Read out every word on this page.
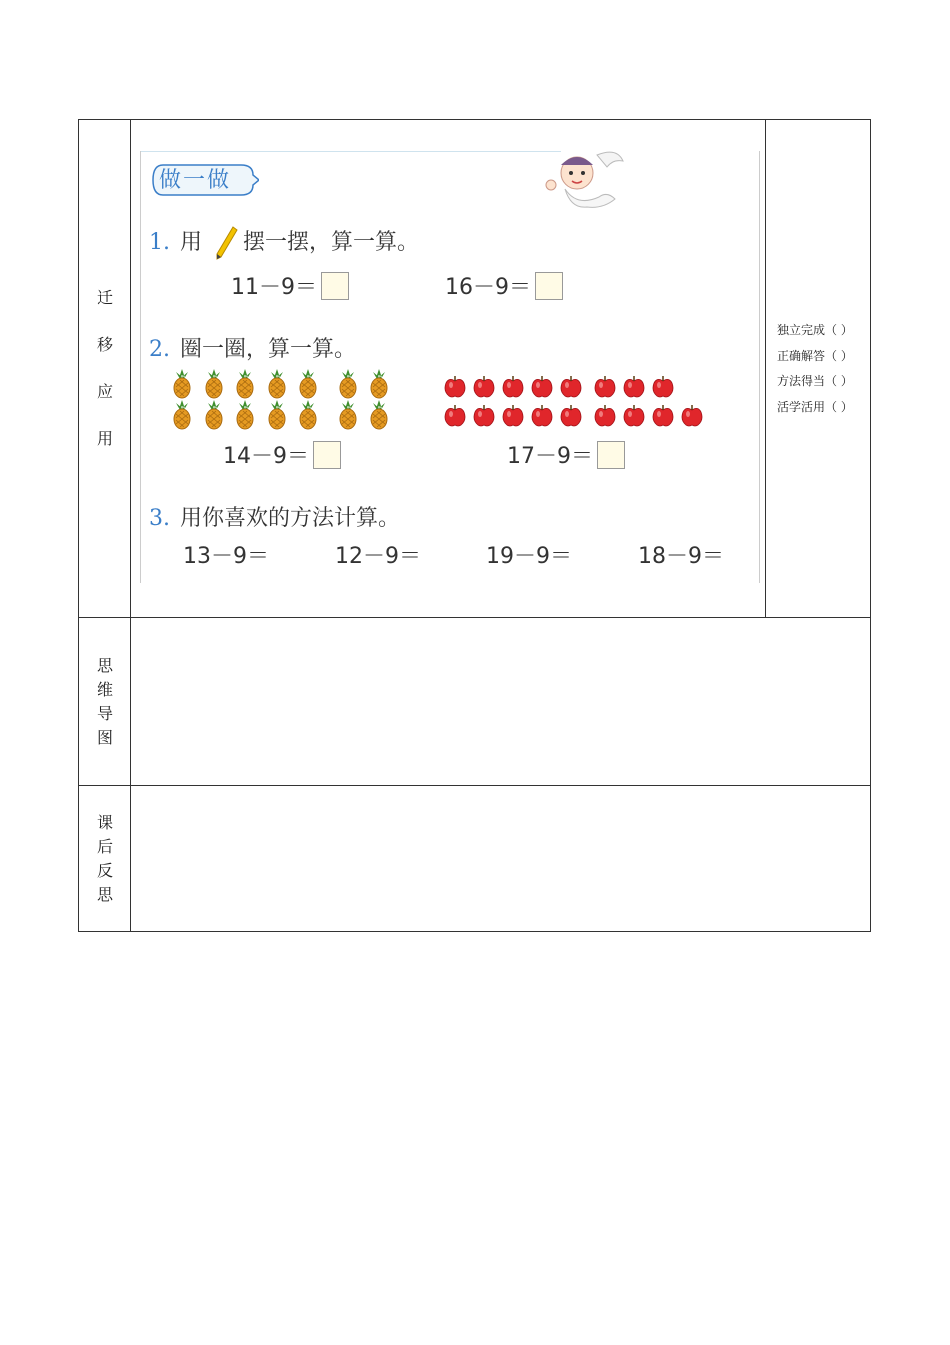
迁
移
应
用
思
维
导
图
课
后
反
思
独立完成（ ）
正确解答（ ）
方法得当（ ）
活学活用（ ）
做一做
1. 用 摆一摆，算一算。
11－9＝	16－9＝
2. 圈一圈，算一算。
14－9＝	17－9＝
3. 用你喜欢的方法计算。
13－9＝	12－9＝	19－9＝	18－9＝
